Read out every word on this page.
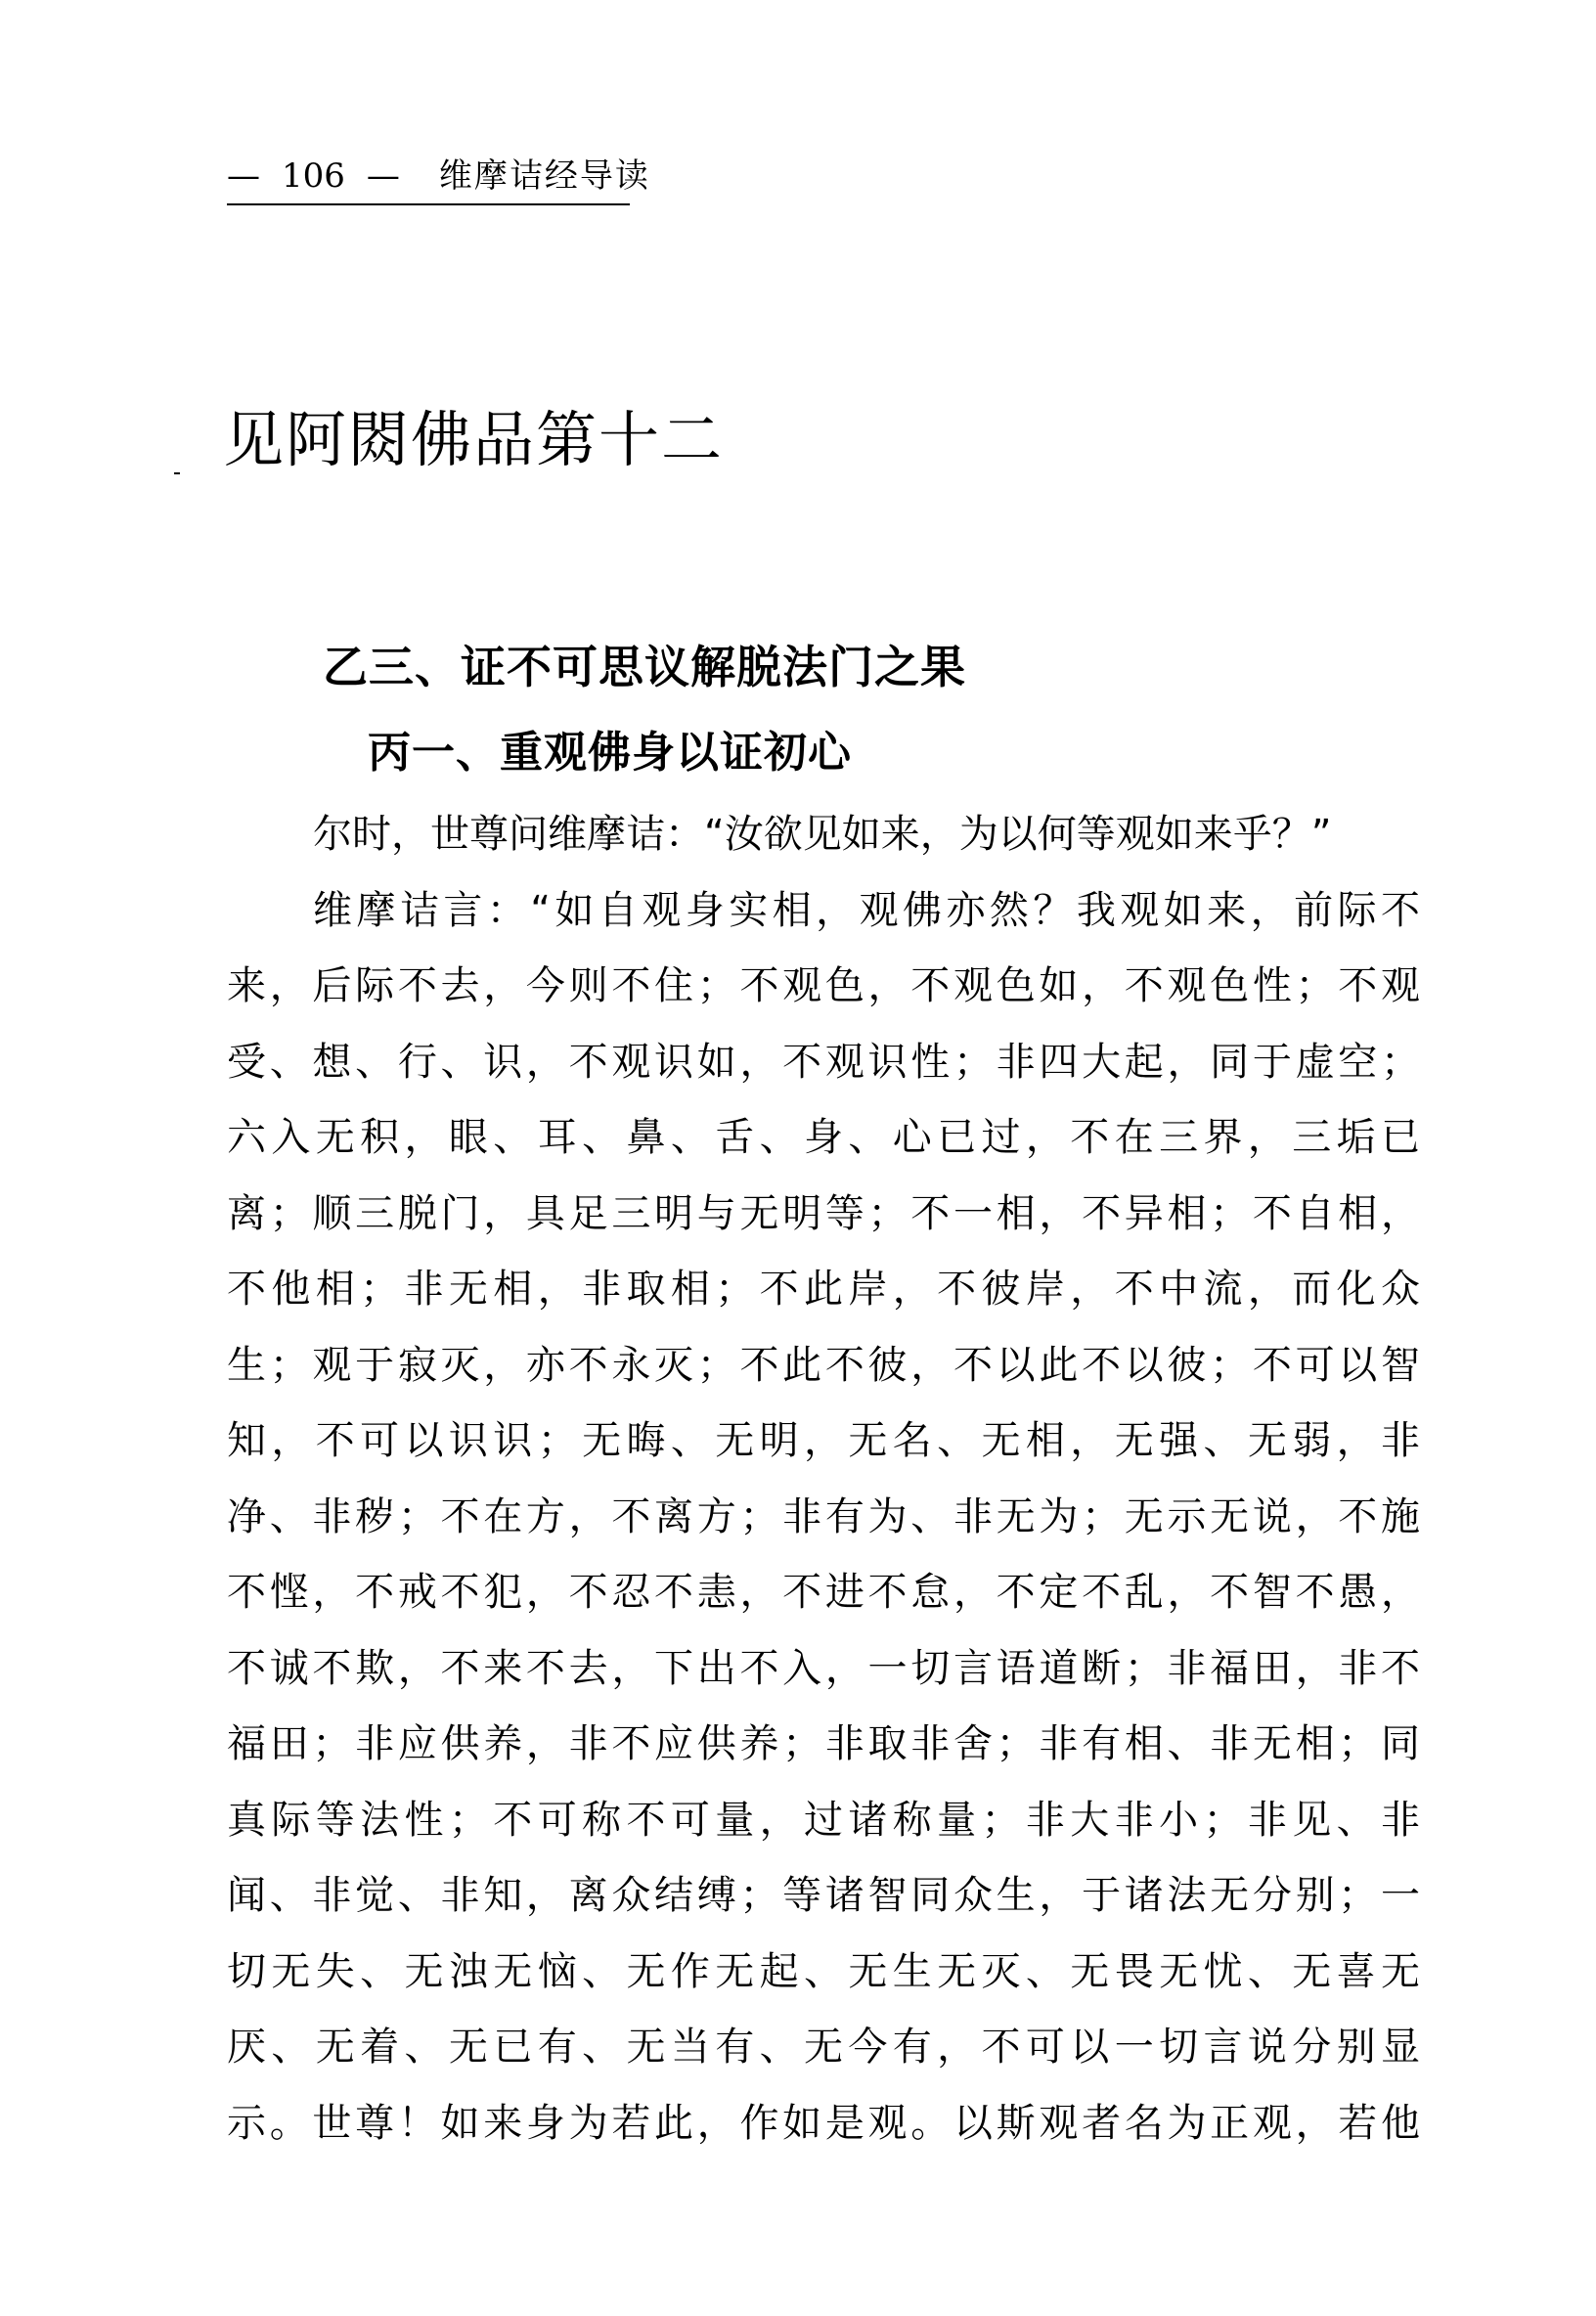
— 106 — 维摩诘经导读
见阿閦佛品第十二
乙三、证不可思议解脱法门之果
丙一、重观佛身以证初心
尔时，世尊问维摩诘：“汝欲见如来，为以何等观如来乎？”
维摩诘言：“如自观身实相，观佛亦然？我观如来，前际不
来，后际不去，今则不住；不观色，不观色如，不观色性；不观
受、想、行、识，不观识如，不观识性；非四大起，同于虚空；
六入无积，眼、耳、鼻、舌、身、心已过，不在三界，三垢已
离；顺三脱门，具足三明与无明等；不一相，不异相；不自相，
不他相；非无相，非取相；不此岸，不彼岸，不中流，而化众
生；观于寂灭，亦不永灭；不此不彼，不以此不以彼；不可以智
知，不可以识识；无晦、无明，无名、无相，无强、无弱，非
净、非秽；不在方，不离方；非有为、非无为；无示无说，不施
不悭，不戒不犯，不忍不恚，不进不怠，不定不乱，不智不愚，
不诚不欺，不来不去，下出不入，一切言语道断；非福田，非不
福田；非应供养，非不应供养；非取非舍；非有相、非无相；同
真际等法性；不可称不可量，过诸称量；非大非小；非见、非
闻、非觉、非知，离众结缚；等诸智同众生，于诸法无分别；一
切无失、无浊无恼、无作无起、无生无灭、无畏无忧、无喜无
厌、无着、无已有、无当有、无今有，不可以一切言说分别显
示。世尊！如来身为若此，作如是观。以斯观者名为正观，若他
